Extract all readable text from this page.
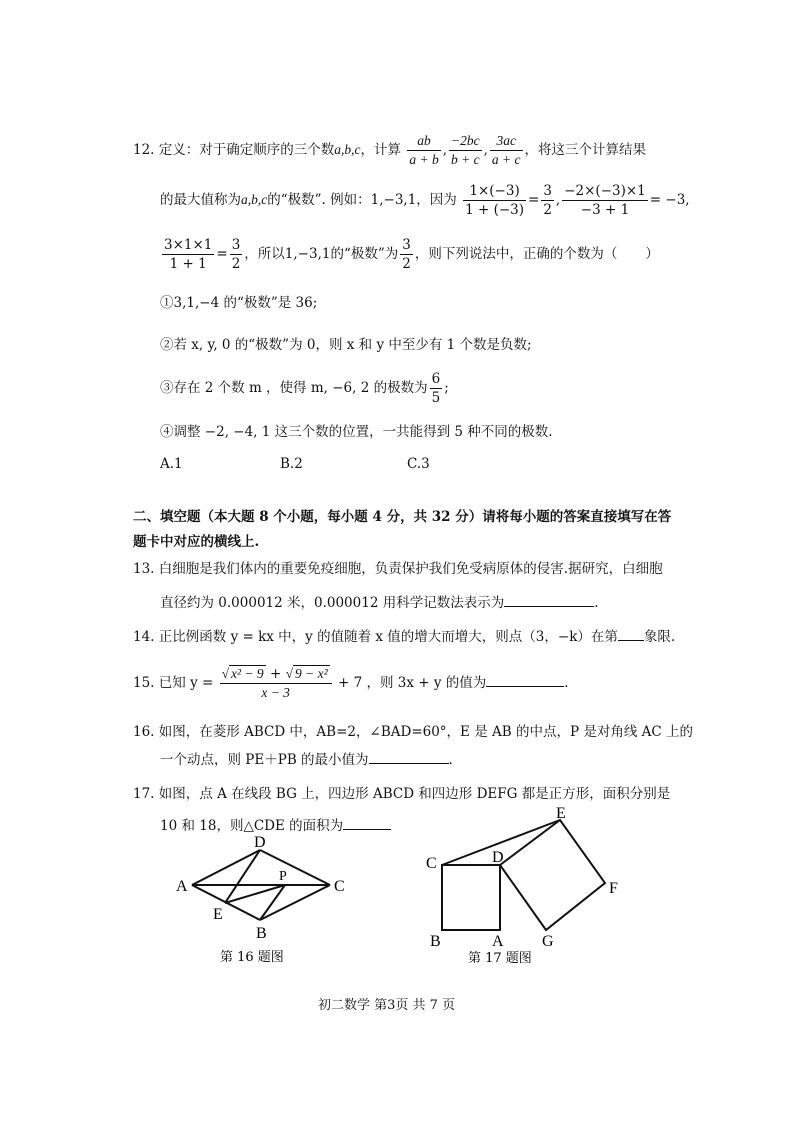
12. 定义：对于确定顺序的三个数a,b,c，计算 $\frac{ab}{a + b}$ , $\frac{-2bc}{b + c}$ , $\frac{3ac}{a + c}$ ，将这三个计算结果
的最大值称为a,b,c的“极数”. 例如：1,−3,1，因为 $\frac{1\times(-3)}{1 + (-3)} = \frac{3}{2}$ , $\frac{-2\times(-3)\times 1}{-3 + 1} = -3$,
$\frac{3\times 1\times 1}{1 + 1} = \frac{3}{2}$ ，所以1,−3,1的“极数”为 $\frac{3}{2}$ ，则下列说法中，正确的个数为（ ）
①3,1,−4 的“极数”是 36;
②若 x, y, 0 的“极数”为 0，则 x 和 y 中至少有 1 个数是负数;
③存在 2 个数 m ，使得 m, −6, 2 的极数为 $\frac{6}{5}$ ;
④调整 −2, −4, 1 这三个数的位置，一共能得到 5 种不同的极数.
A.1	B.2	C.3
二、填空题（本大题 8 个小题，每小题 4 分，共 32 分）请将每小题的答案直接填写在答
题卡中对应的横线上.
13. 白细胞是我们体内的重要免疫细胞，负责保护我们免受病原体的侵害.据研究，白细胞
直径约为 0.000012 米，0.000012 用科学记数法表示为	.
14. 正比例函数 y = kx 中，y 的值随着 x 值的增大而增大，则点（3，−k）在第 象限.
15. 已知 $y = \frac{\text{√ x² − 9 + √ 9 − x²}}{x - 3} + 7$ ，则 3x + y 的值为	.
16. 如图，在菱形 ABCD 中，AB=2，∠BAD=60°，E 是 AB 的中点，P 是对角线 AC 上的
一个动点，则 PE＋PB 的最小值为	.
17. 如图，点 A 在线段 BG 上，四边形 ABCD 和四边形 DEFG 都是正方形，面积分别是
10 和 18，则△CDE 的面积为
A
D
C
B
E
P
第 16 题图
E
C	D
F
B	A G
第 17 题图
初二数学 第3页 共 7 页
